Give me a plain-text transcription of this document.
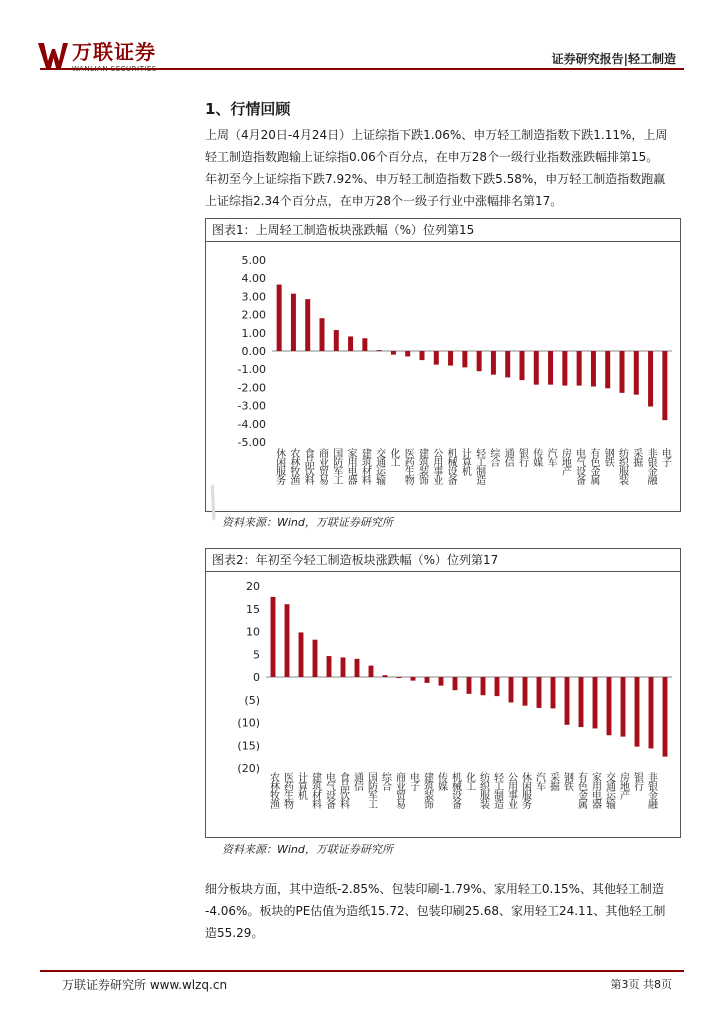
万联证券	证券研究报告|轻工制造
1、行情回顾
上周（4月20日-4月24日）上证综指下跌1.06%、申万轻工制造指数下跌1.11%，上周
轻工制造指数跑输上证综指0.06个百分点，在申万28个一级行业指数涨跌幅排第15。
年初至今上证综指下跌7.92%、申万轻工制造指数下跌5.58%，申万轻工制造指数跑赢
上证综指2.34个百分点，在申万28个一级子行业中涨幅排名第17。
图表1：上周轻工制造板块涨跌幅（%）位列第15
5.00
4.00
3.00
2.00
1.00
0.00
-1.00
-2.00
-3.00
-4.00
-5.00
休闲服务 农林牧渔 食品饮料 商业贸易 国防军工 家用电器 建筑材料 交通运输 化工 医药生物 建筑装饰 公用事业 机械设备 计算机 轻工制造 综合 通信 银行 传媒 汽车 房地产 电气设备 有色金属 钢铁 纺织服装 采掘 非银金融 电子
/
资料来源：Wind，万联证券研究所
图表2：年初至今轻工制造板块涨跌幅（%）位列第17
20
15
10
5
0
(5)
(10)
(15)
(20)
农林牧渔 医药生物 计算机 建筑材料 电气设备 食品饮料 通信 国防军工 综合 商业贸易 电子 建筑装饰 传媒 机械设备 化工 纺织服装 轻工制造 公用事业 休闲服务 汽车 采掘 钢铁 有色金属 家用电器 交通运输 房地产 银行 非银金融
资料来源：Wind，万联证券研究所
细分板块方面，其中造纸-2.85%、包装印刷-1.79%、家用轻工0.15%、其他轻工制造
-4.06%。板块的PE估值为造纸15.72、包装印刷25.68、家用轻工24.11、其他轻工制
造55.29。
万联证券研究所 www.wlzq.cn	第3页 共8页
